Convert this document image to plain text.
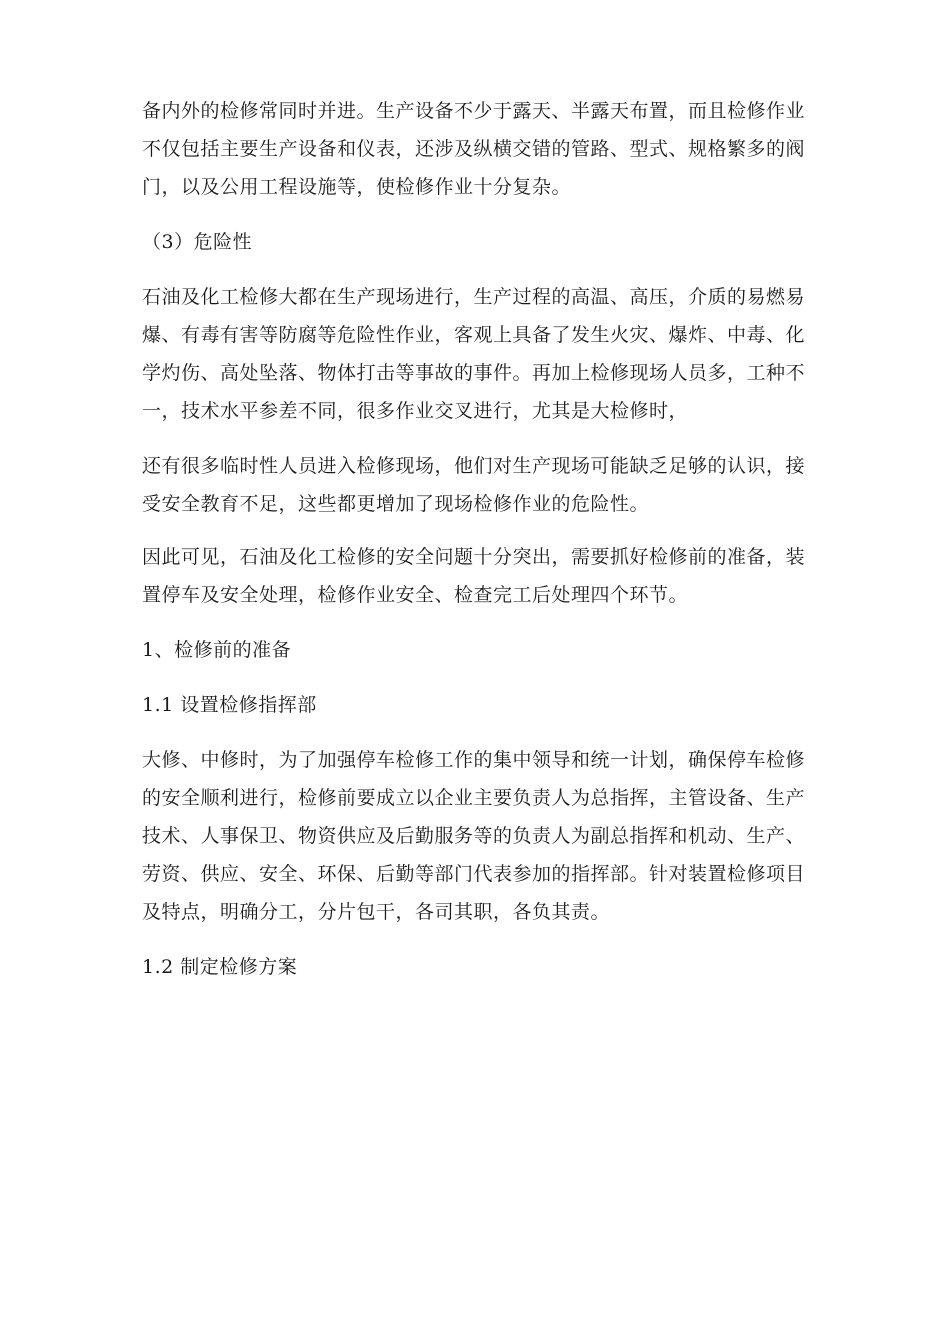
备内外的检修常同时并进。生产设备不少于露天、半露天布置，而且检修作业
不仅包括主要生产设备和仪表，还涉及纵横交错的管路、型式、规格繁多的阀
门，以及公用工程设施等，使检修作业十分复杂。
（3）危险性
石油及化工检修大都在生产现场进行，生产过程的高温、高压，介质的易燃易
爆、有毒有害等防腐等危险性作业，客观上具备了发生火灾、爆炸、中毒、化
学灼伤、高处坠落、物体打击等事故的事件。再加上检修现场人员多，工种不
一，技术水平参差不同，很多作业交叉进行，尤其是大检修时，
还有很多临时性人员进入检修现场，他们对生产现场可能缺乏足够的认识，接
受安全教育不足，这些都更增加了现场检修作业的危险性。
因此可见，石油及化工检修的安全问题十分突出，需要抓好检修前的准备，装
置停车及安全处理，检修作业安全、检查完工后处理四个环节。
1、检修前的准备
1.1 设置检修指挥部
大修、中修时，为了加强停车检修工作的集中领导和统一计划，确保停车检修
的安全顺利进行，检修前要成立以企业主要负责人为总指挥，主管设备、生产
技术、人事保卫、物资供应及后勤服务等的负责人为副总指挥和机动、生产、
劳资、供应、安全、环保、后勤等部门代表参加的指挥部。针对装置检修项目
及特点，明确分工，分片包干，各司其职，各负其责。
1.2 制定检修方案
